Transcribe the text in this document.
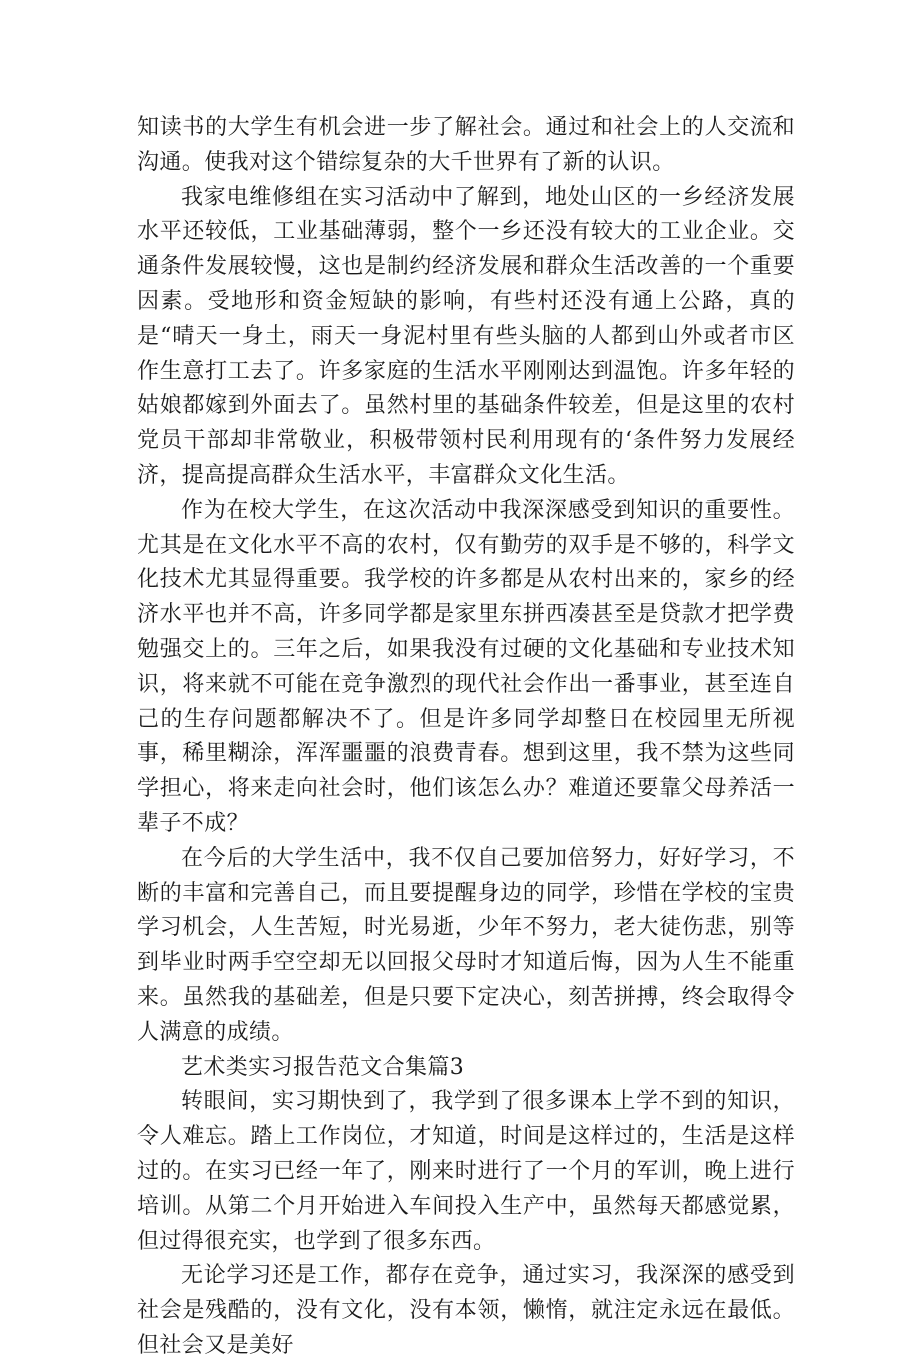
知读书的大学生有机会进一步了解社会。通过和社会上的人交流和沟通。使我对这个错综复杂的大千世界有了新的认识。

我家电维修组在实习活动中了解到，地处山区的一乡经济发展水平还较低，工业基础薄弱，整个一乡还没有较大的工业企业。交通条件发展较慢，这也是制约经济发展和群众生活改善的一个重要因素。受地形和资金短缺的影响，有些村还没有通上公路，真的是“晴天一身土，雨天一身泥村里有些头脑的人都到山外或者市区作生意打工去了。许多家庭的生活水平刚刚达到温饱。许多年轻的姑娘都嫁到外面去了。虽然村里的基础条件较差，但是这里的农村党员干部却非常敬业，积极带领村民利用现有的‘条件努力发展经济，提高提高群众生活水平，丰富群众文化生活。

作为在校大学生，在这次活动中我深深感受到知识的重要性。尤其是在文化水平不高的农村，仅有勤劳的双手是不够的，科学文化技术尤其显得重要。我学校的许多都是从农村出来的，家乡的经济水平也并不高，许多同学都是家里东拼西凑甚至是贷款才把学费勉强交上的。三年之后，如果我没有过硬的文化基础和专业技术知识，将来就不可能在竞争激烈的现代社会作出一番事业，甚至连自己的生存问题都解决不了。但是许多同学却整日在校园里无所视事，稀里糊涂，浑浑噩噩的浪费青春。想到这里，我不禁为这些同学担心，将来走向社会时，他们该怎么办？难道还要靠父母养活一辈子不成？

在今后的大学生活中，我不仅自己要加倍努力，好好学习，不断的丰富和完善自己，而且要提醒身边的同学，珍惜在学校的宝贵学习机会，人生苦短，时光易逝，少年不努力，老大徒伤悲，别等到毕业时两手空空却无以回报父母时才知道后悔，因为人生不能重来。虽然我的基础差，但是只要下定决心，刻苦拼搏，终会取得令人满意的成绩。

艺术类实习报告范文合集篇3

转眼间，实习期快到了，我学到了很多课本上学不到的知识，令人难忘。踏上工作岗位，才知道，时间是这样过的，生活是这样过的。在实习已经一年了，刚来时进行了一个月的军训，晚上进行培训。从第二个月开始进入车间投入生产中，虽然每天都感觉累，但过得很充实，也学到了很多东西。

无论学习还是工作，都存在竞争，通过实习，我深深的感受到社会是残酷的，没有文化，没有本领，懒惰，就注定永远在最低。但社会又是美好
